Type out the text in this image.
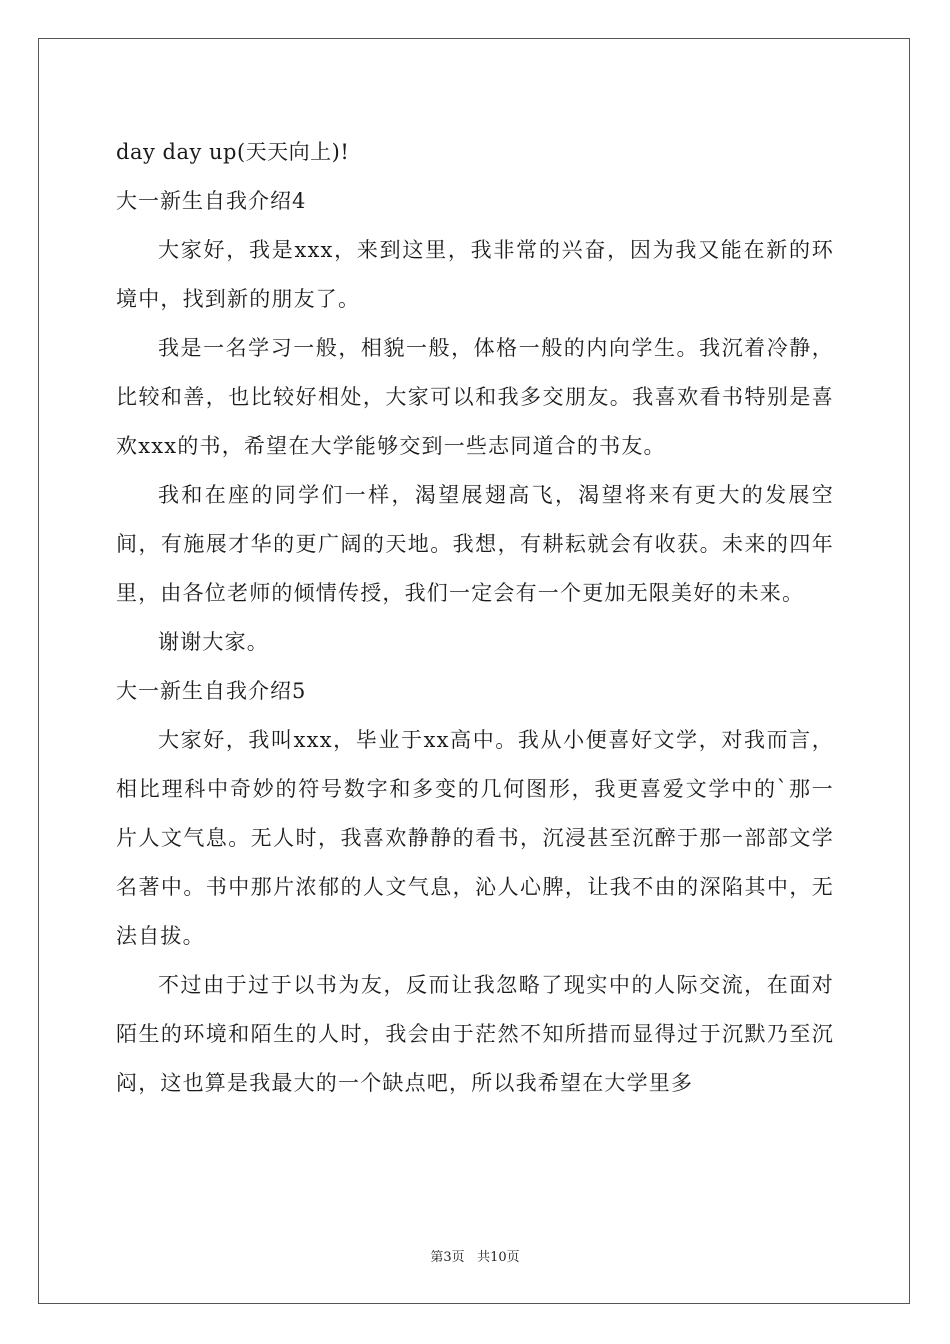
day day up(天天向上)!

大一新生自我介绍4

大家好，我是xxx，来到这里，我非常的兴奋，因为我又能在新的环境中，找到新的朋友了。

我是一名学习一般，相貌一般，体格一般的内向学生。我沉着冷静，比较和善，也比较好相处，大家可以和我多交朋友。我喜欢看书特别是喜欢xxx的书，希望在大学能够交到一些志同道合的书友。

我和在座的同学们一样，渴望展翅高飞，渴望将来有更大的发展空间，有施展才华的更广阔的天地。我想，有耕耘就会有收获。未来的四年里，由各位老师的倾情传授，我们一定会有一个更加无限美好的未来。

谢谢大家。

大一新生自我介绍5

大家好，我叫xxx，毕业于xx高中。我从小便喜好文学，对我而言，相比理科中奇妙的符号数字和多变的几何图形，我更喜爱文学中的`那一片人文气息。无人时，我喜欢静静的看书，沉浸甚至沉醉于那一部部文学名著中。书中那片浓郁的人文气息，沁人心脾，让我不由的深陷其中，无法自拔。

不过由于过于以书为友，反而让我忽略了现实中的人际交流，在面对陌生的环境和陌生的人时，我会由于茫然不知所措而显得过于沉默乃至沉闷，这也算是我最大的一个缺点吧，所以我希望在大学里多

第3页 共10页
